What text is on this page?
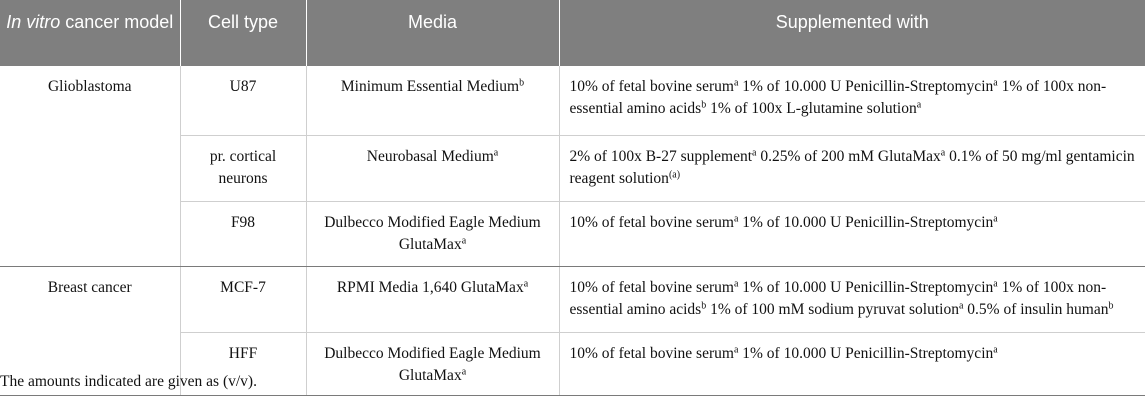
In vitro cancer model	Cell type	Media	Supplemented with
Glioblastoma	U87	Minimum Essential Medium$^b$	10% of fetal bovine serum$^a$ 1% of 10.000 U Penicillin-Streptomycin$^a$ 1% of 100x non-essential amino acids$^b$ 1% of 100x L-glutamine solution$^a$
	pr. cortical neurons	Neurobasal Medium$^a$	2% of 100x B-27 supplement$^a$ 0.25% of 200 mM GlutaMax$^a$ 0.1% of 50 mg/ml gentamicin reagent solution$^{(a)}$
	F98	Dulbecco Modified Eagle Medium GlutaMax$^a$	10% of fetal bovine serum$^a$ 1% of 10.000 U Penicillin-Streptomycin$^a$
Breast cancer	MCF-7	RPMI Media 1,640 GlutaMax$^a$	10% of fetal bovine serum$^a$ 1% of 10.000 U Penicillin-Streptomycin$^a$ 1% of 100x non-essential amino acids$^b$ 1% of 100 mM sodium pyruvat solution$^a$ 0.5% of insulin human$^b$
	HFF	Dulbecco Modified Eagle Medium GlutaMax$^a$	10% of fetal bovine serum$^a$ 1% of 10.000 U Penicillin-Streptomycin$^a$
The amounts indicated are given as (v/v).
